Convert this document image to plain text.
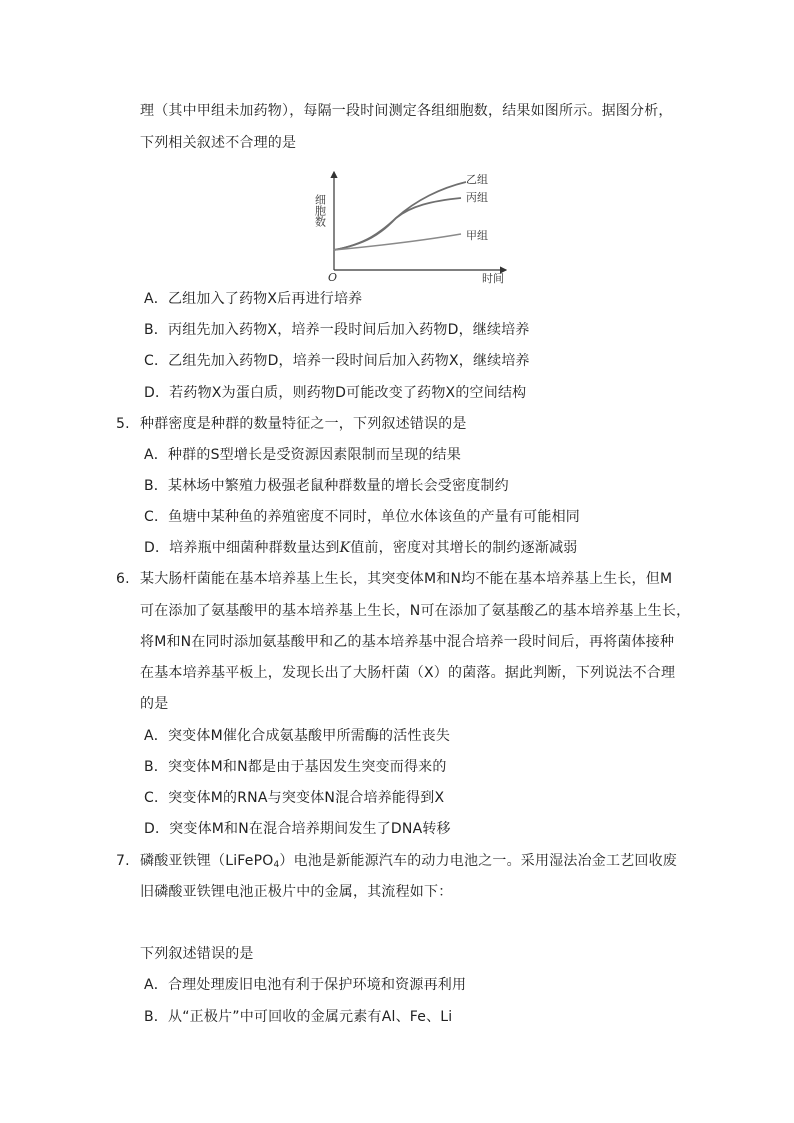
理（其中甲组未加药物），每隔一段时间测定各组细胞数，结果如图所示。据图分析，
下列相关叙述不合理的是
细胞数
O	时间
乙组
丙组
甲组
A．乙组加入了药物X后再进行培养
B．丙组先加入药物X，培养一段时间后加入药物D，继续培养
C．乙组先加入药物D，培养一段时间后加入药物X，继续培养
D．若药物X为蛋白质，则药物D可能改变了药物X的空间结构
5. 种群密度是种群的数量特征之一，下列叙述错误的是
A．种群的S型增长是受资源因素限制而呈现的结果
B．某林场中繁殖力极强老鼠种群数量的增长会受密度制约
C．鱼塘中某种鱼的养殖密度不同时，单位水体该鱼的产量有可能相同
D．培养瓶中细菌种群数量达到K值前，密度对其增长的制约逐渐减弱
6. 某大肠杆菌能在基本培养基上生长，其突变体M和N均不能在基本培养基上生长，但M
可在添加了氨基酸甲的基本培养基上生长，N可在添加了氨基酸乙的基本培养基上生长，
将M和N在同时添加氨基酸甲和乙的基本培养基中混合培养一段时间后，再将菌体接种
在基本培养基平板上，发现长出了大肠杆菌（X）的菌落。据此判断，下列说法不合理
的是
A．突变体M催化合成氨基酸甲所需酶的活性丧失
B．突变体M和N都是由于基因发生突变而得来的
C．突变体M的RNA与突变体N混合培养能得到X
D．突变体M和N在混合培养期间发生了DNA转移
7. 磷酸亚铁锂（LiFePO$_4$）电池是新能源汽车的动力电池之一。采用湿法冶金工艺回收废
旧磷酸亚铁锂电池正极片中的金属，其流程如下：
下列叙述错误的是
A．合理处理废旧电池有利于保护环境和资源再利用
B．从“正极片”中可回收的金属元素有Al、Fe、Li
